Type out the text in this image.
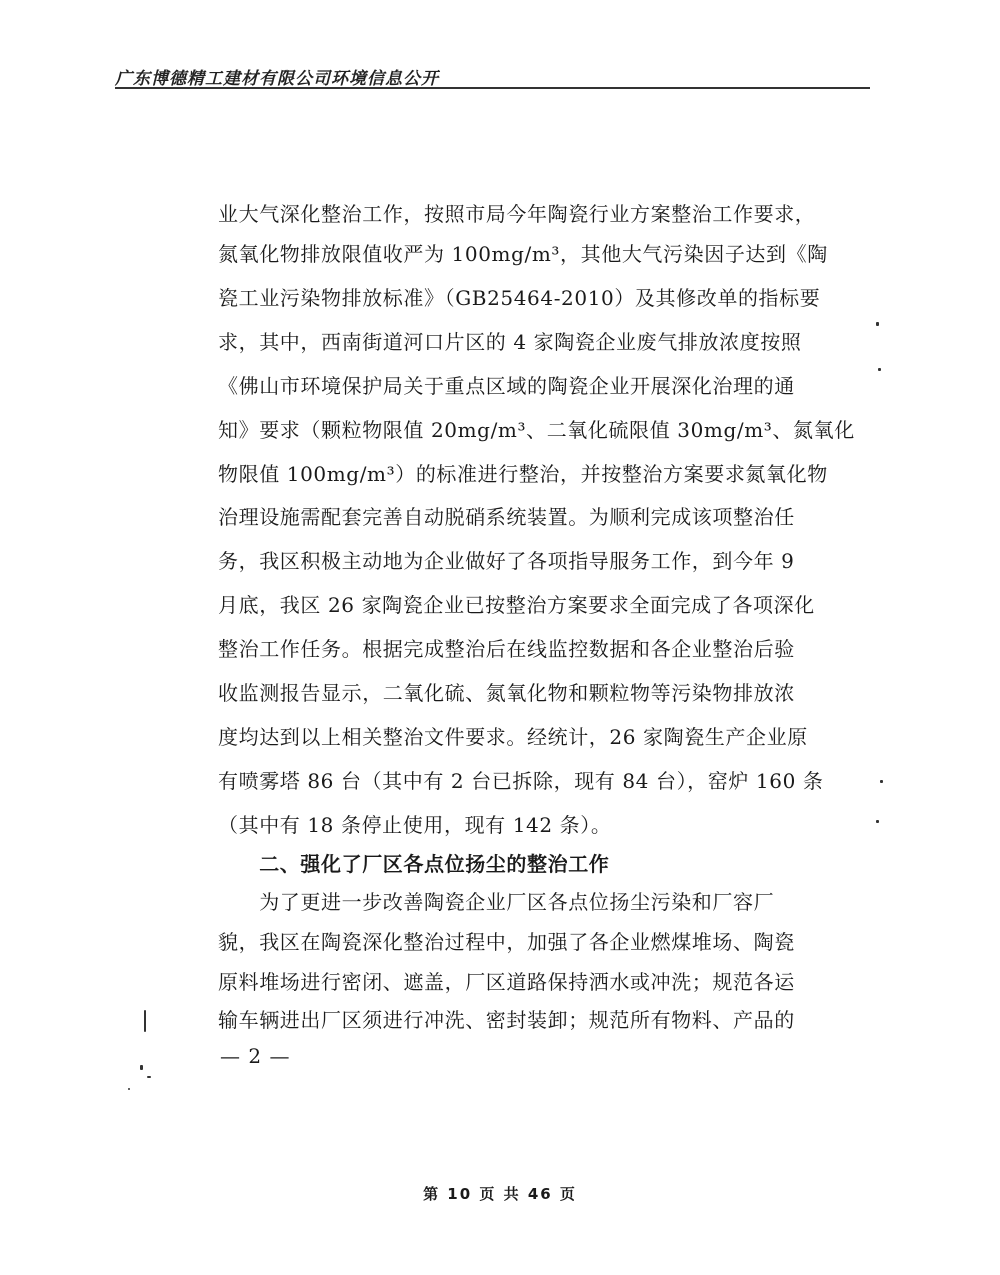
广东博德精工建材有限公司环境信息公开
业大气深化整治工作，按照市局今年陶瓷行业方案整治工作要求，
氮氧化物排放限值收严为 100mg/m³，其他大气污染因子达到《陶
瓷工业污染物排放标准》（GB25464-2010）及其修改单的指标要
求，其中，西南街道河口片区的 4 家陶瓷企业废气排放浓度按照
《佛山市环境保护局关于重点区域的陶瓷企业开展深化治理的通
知》要求（颗粒物限值 20mg/m³、二氧化硫限值 30mg/m³、氮氧化
物限值 100mg/m³）的标准进行整治，并按整治方案要求氮氧化物
治理设施需配套完善自动脱硝系统装置。为顺利完成该项整治任
务，我区积极主动地为企业做好了各项指导服务工作，到今年 9
月底，我区 26 家陶瓷企业已按整治方案要求全面完成了各项深化
整治工作任务。根据完成整治后在线监控数据和各企业整治后验
收监测报告显示，二氧化硫、氮氧化物和颗粒物等污染物排放浓
度均达到以上相关整治文件要求。经统计，26 家陶瓷生产企业原
有喷雾塔 86 台（其中有 2 台已拆除，现有 84 台），窑炉 160 条
（其中有 18 条停止使用，现有 142 条）。
　　二、强化了厂区各点位扬尘的整治工作
　　为了更进一步改善陶瓷企业厂区各点位扬尘污染和厂容厂
貌，我区在陶瓷深化整治过程中，加强了各企业燃煤堆场、陶瓷
原料堆场进行密闭、遮盖，厂区道路保持洒水或冲洗；规范各运
输车辆进出厂区须进行冲洗、密封装卸；规范所有物料、产品的
— 2 —
第 10 页 共 46 页
